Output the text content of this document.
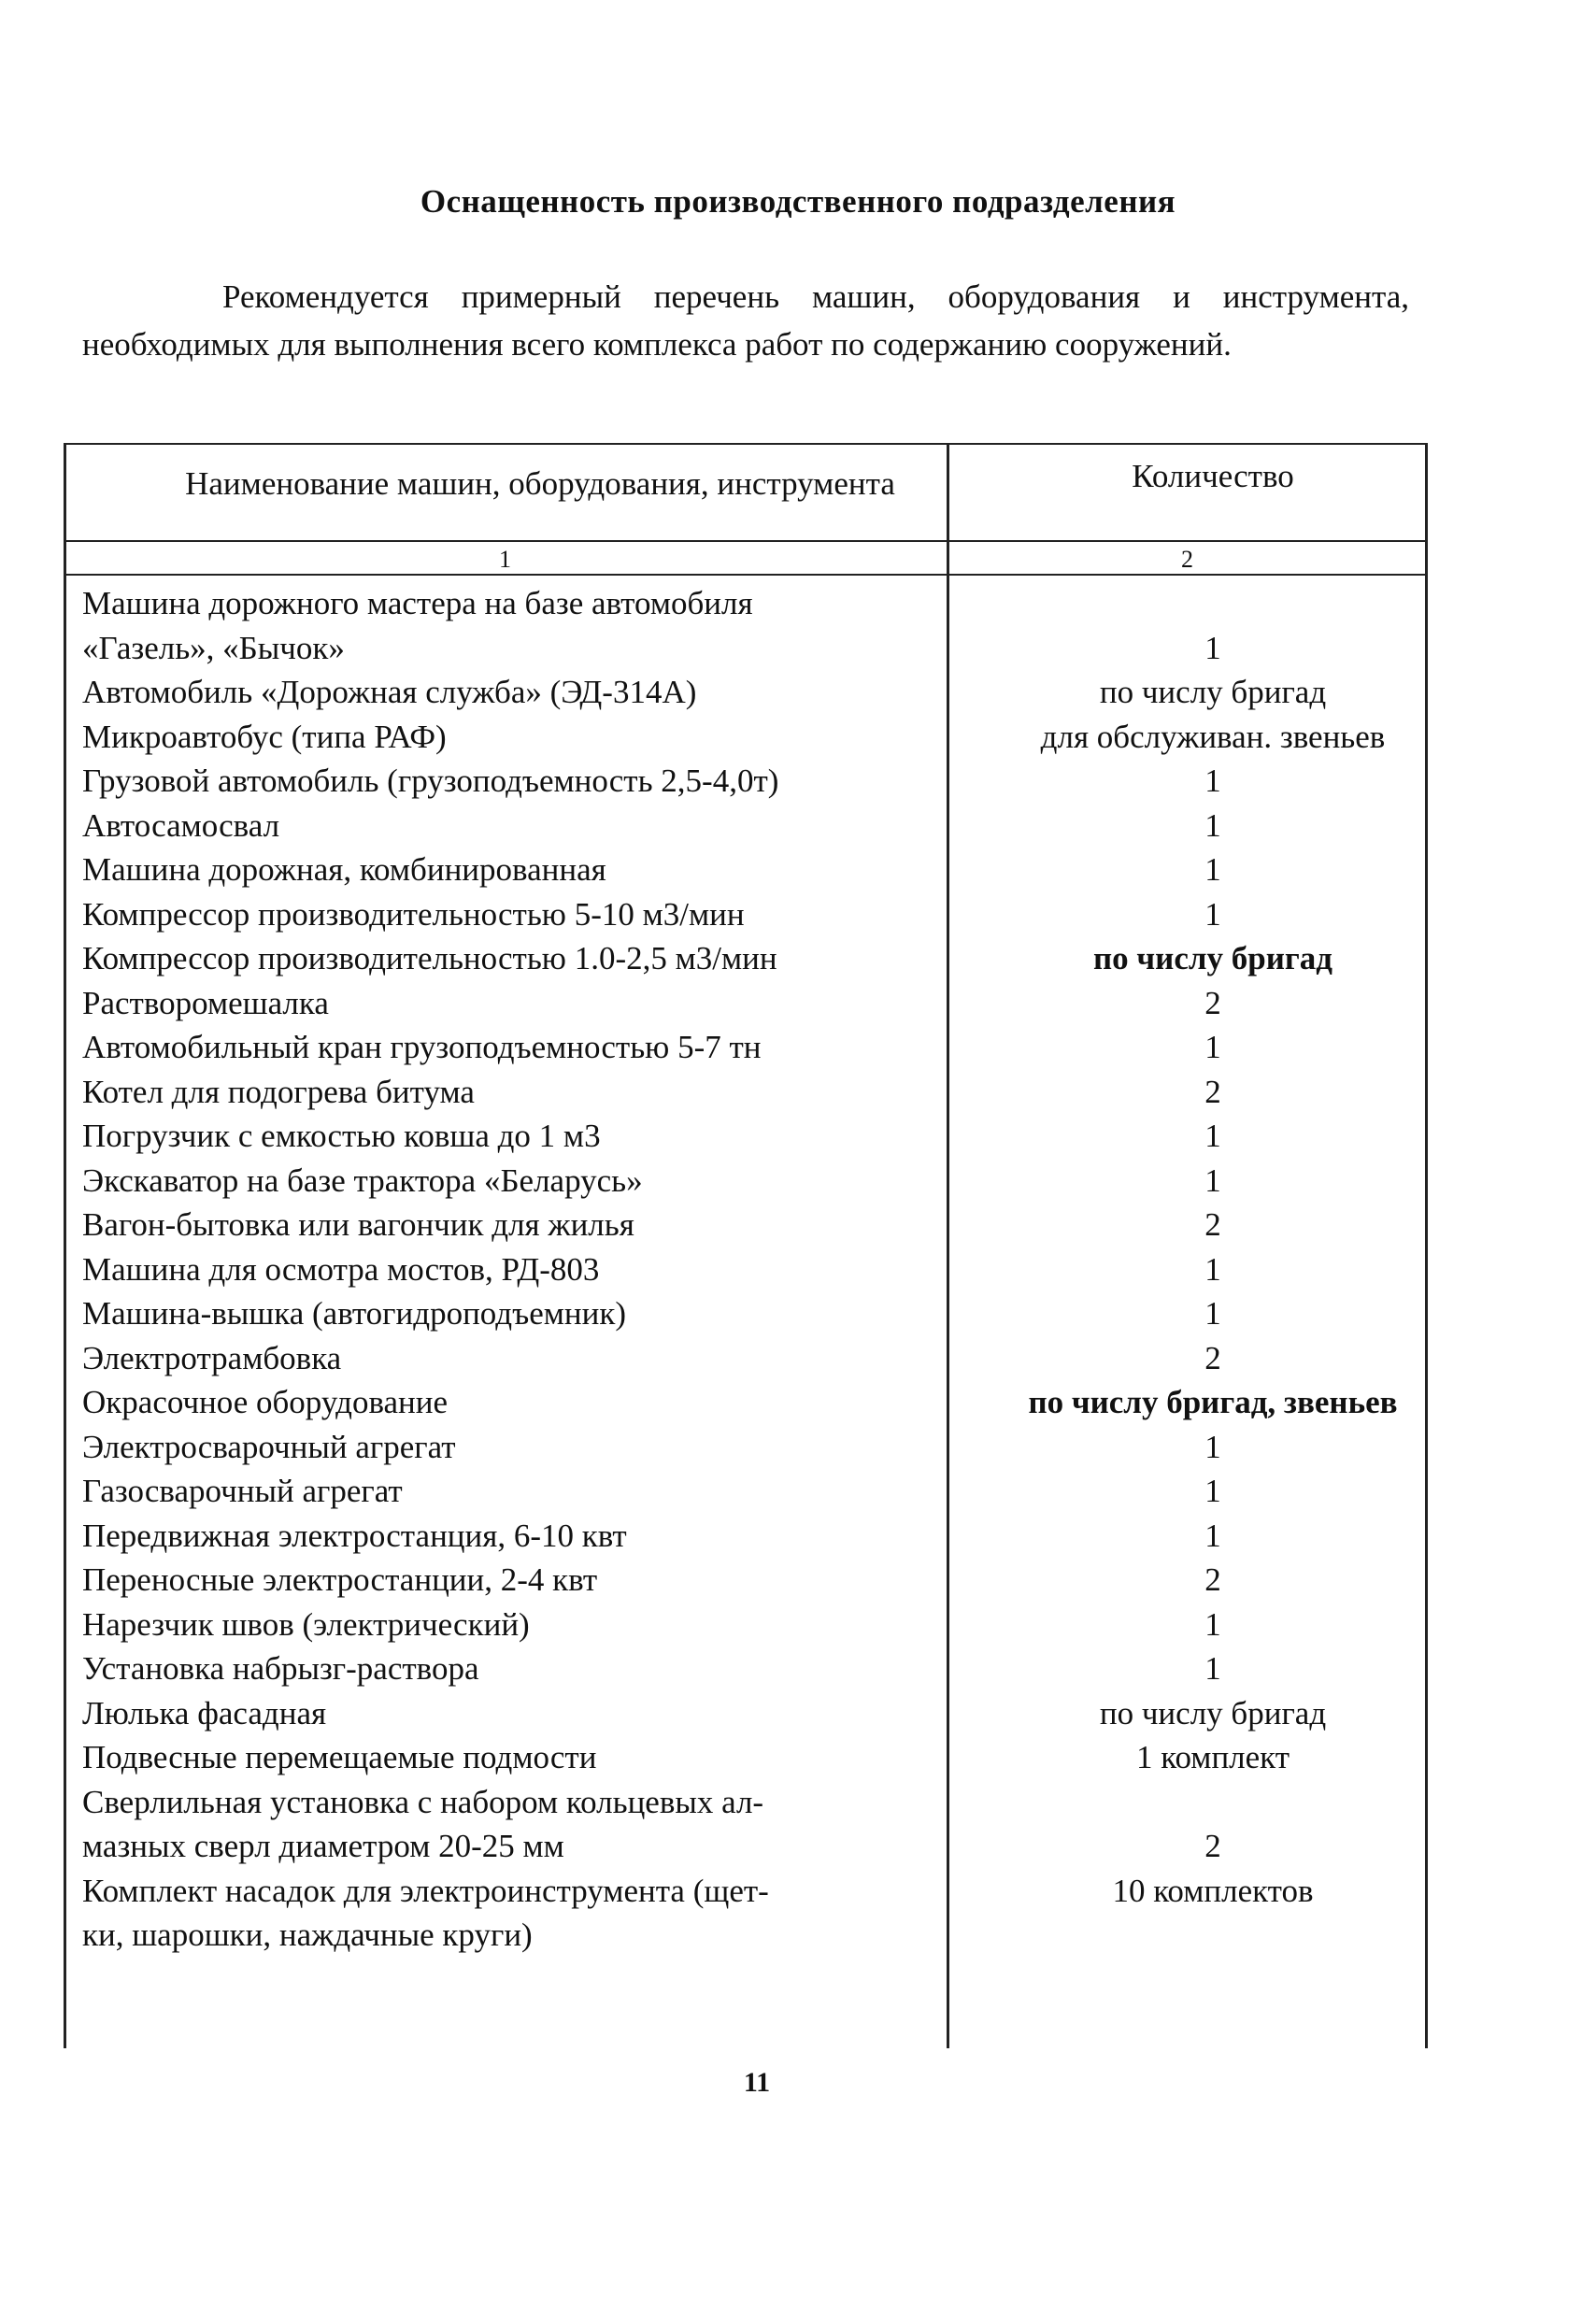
Оснащенность производственного подразделения
Рекомендуется примерный перечень машин, оборудования и инструмента, необходимых для выполнения всего комплекса работ по содержанию сооружений.
Наименование машин, оборудования, инструмента	Количество
1	2
Машина дорожного мастера на базе автомобиля
«Газель», «Бычок»	1
Автомобиль «Дорожная служба» (ЭД-314А)	по числу бригад
Микроавтобус (типа РАФ)	для обслуживан. звеньев
Грузовой автомобиль (грузоподъемность 2,5-4,0т)	1
Автосамосвал	1
Машина дорожная, комбинированная	1
Компрессор производительностью 5-10 м3/мин	1
Компрессор производительностью 1.0-2,5 м3/мин	по числу бригад
Растворомешалка	2
Автомобильный кран грузоподъемностью 5-7 тн	1
Котел для подогрева битума	2
Погрузчик с емкостью ковша до 1 м3	1
Экскаватор на базе трактора «Беларусь»	1
Вагон-бытовка или вагончик для жилья	2
Машина для осмотра мостов, РД-803	1
Машина-вышка (автогидроподъемник)	1
Электротрамбовка	2
Окрасочное оборудование	по числу бригад, звеньев
Электросварочный агрегат	1
Газосварочный агрегат	1
Передвижная электростанция, 6-10 квт	1
Переносные электростанции, 2-4 квт	2
Нарезчик швов (электрический)	1
Установка набрызг-раствора	1
Люлька фасадная	по числу бригад
Подвесные перемещаемые подмости	1 комплект
Сверлильная установка с набором кольцевых ал-
мазных сверл диаметром 20-25 мм	2
Комплект насадок для электроинструмента (щет-	10 комплектов
ки, шарошки, наждачные круги)
11
